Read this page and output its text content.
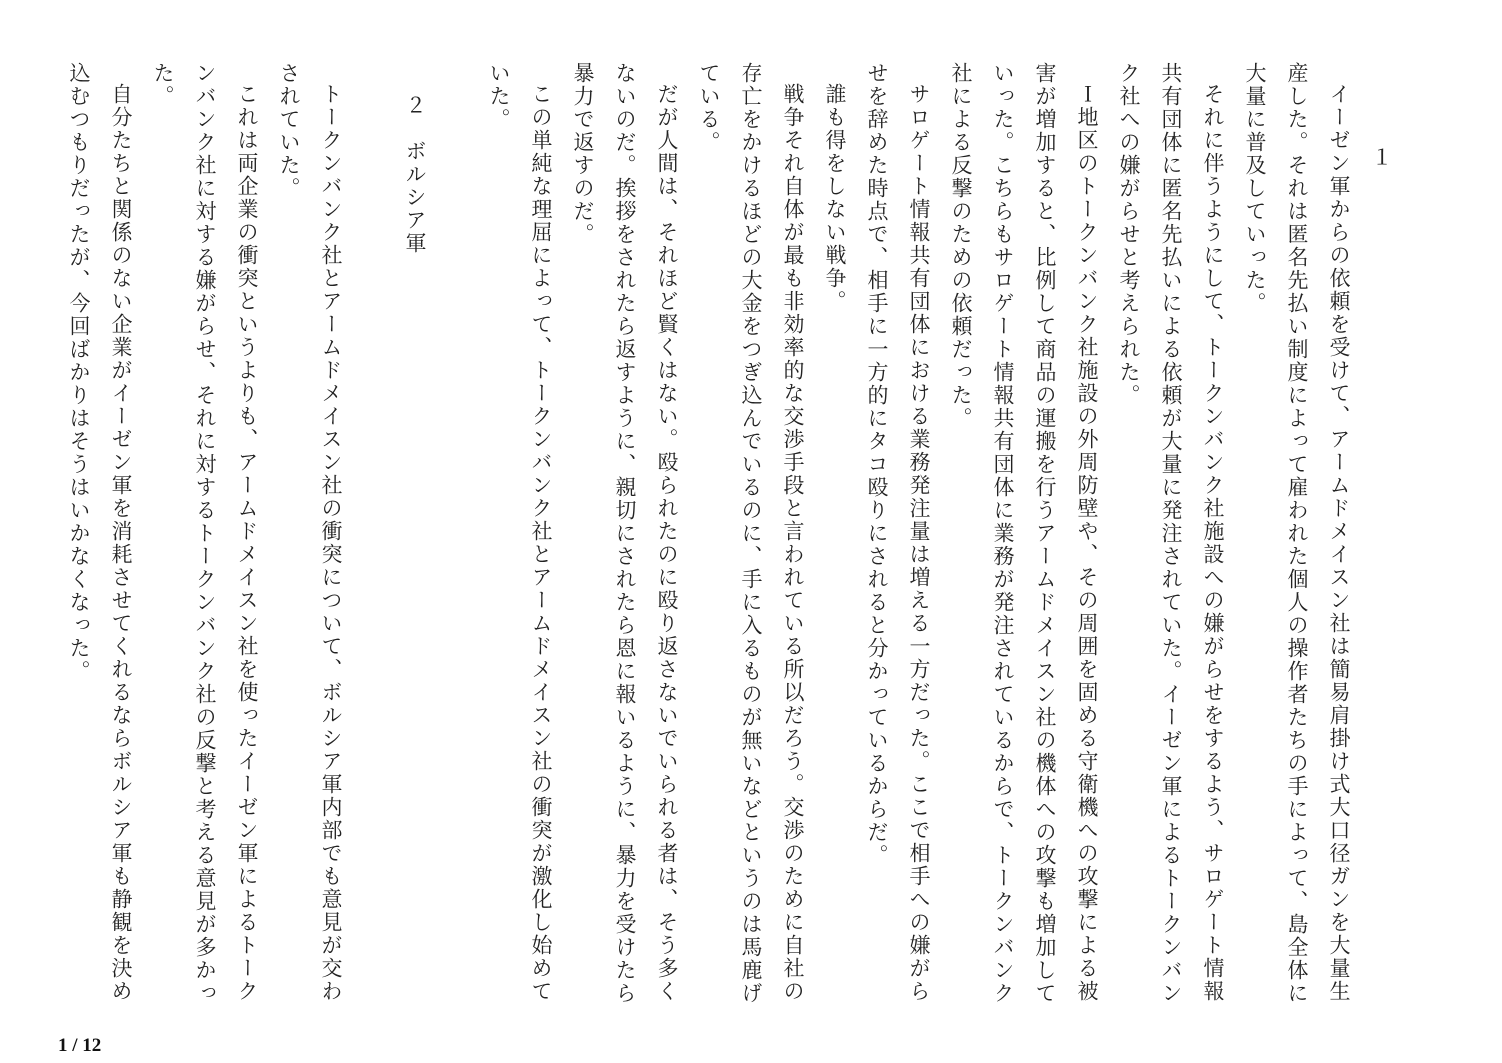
１

イーゼン軍からの依頼を受けて、アームドメイスン社は簡易肩掛け式大口径ガンを大量生産した。それは匿名先払い制度によって雇われた個人の操作者たちの手によって、島全体に大量に普及していった。

それに伴うようにして、トークンバンク社施設への嫌がらせをするよう、サロゲート情報共有団体に匿名先払いによる依頼が大量に発注されていた。イーゼン軍によるトークンバンク社への嫌がらせと考えられた。

Ｉ地区のトークンバンク社施設の外周防壁や、その周囲を固める守衛機への攻撃による被害が増加すると、比例して商品の運搬を行うアームドメイスン社の機体への攻撃も増加していった。こちらもサロゲート情報共有団体に業務が発注されているからで、トークンバンク社による反撃のための依頼だった。

サロゲート情報共有団体における業務発注量は増える一方だった。ここで相手への嫌がらせを辞めた時点で、相手に一方的にタコ殴りにされると分かっているからだ。

誰も得をしない戦争。

戦争それ自体が最も非効率的な交渉手段と言われている所以だろう。交渉のために自社の存亡をかけるほどの大金をつぎ込んでいるのに、手に入るものが無いなどというのは馬鹿げている。

だが人間は、それほど賢くはない。殴られたのに殴り返さないでいられる者は、そう多くないのだ。挨拶をされたら返すように、親切にされたら恩に報いるように、暴力を受けたら暴力で返すのだ。

この単純な理屈によって、トークンバンク社とアームドメイスン社の衝突が激化し始めていた。

２　ボルシア軍

トークンバンク社とアームドメイスン社の衝突について、ボルシア軍内部でも意見が交わされていた。

これは両企業の衝突というよりも、アームドメイスン社を使ったイーゼン軍によるトークンバンク社に対する嫌がらせ、それに対するトークンバンク社の反撃と考える意見が多かった。

自分たちと関係のない企業がイーゼン軍を消耗させてくれるならボルシア軍も静観を決め込むつもりだったが、今回ばかりはそうはいかなくなった。

1 / 12
